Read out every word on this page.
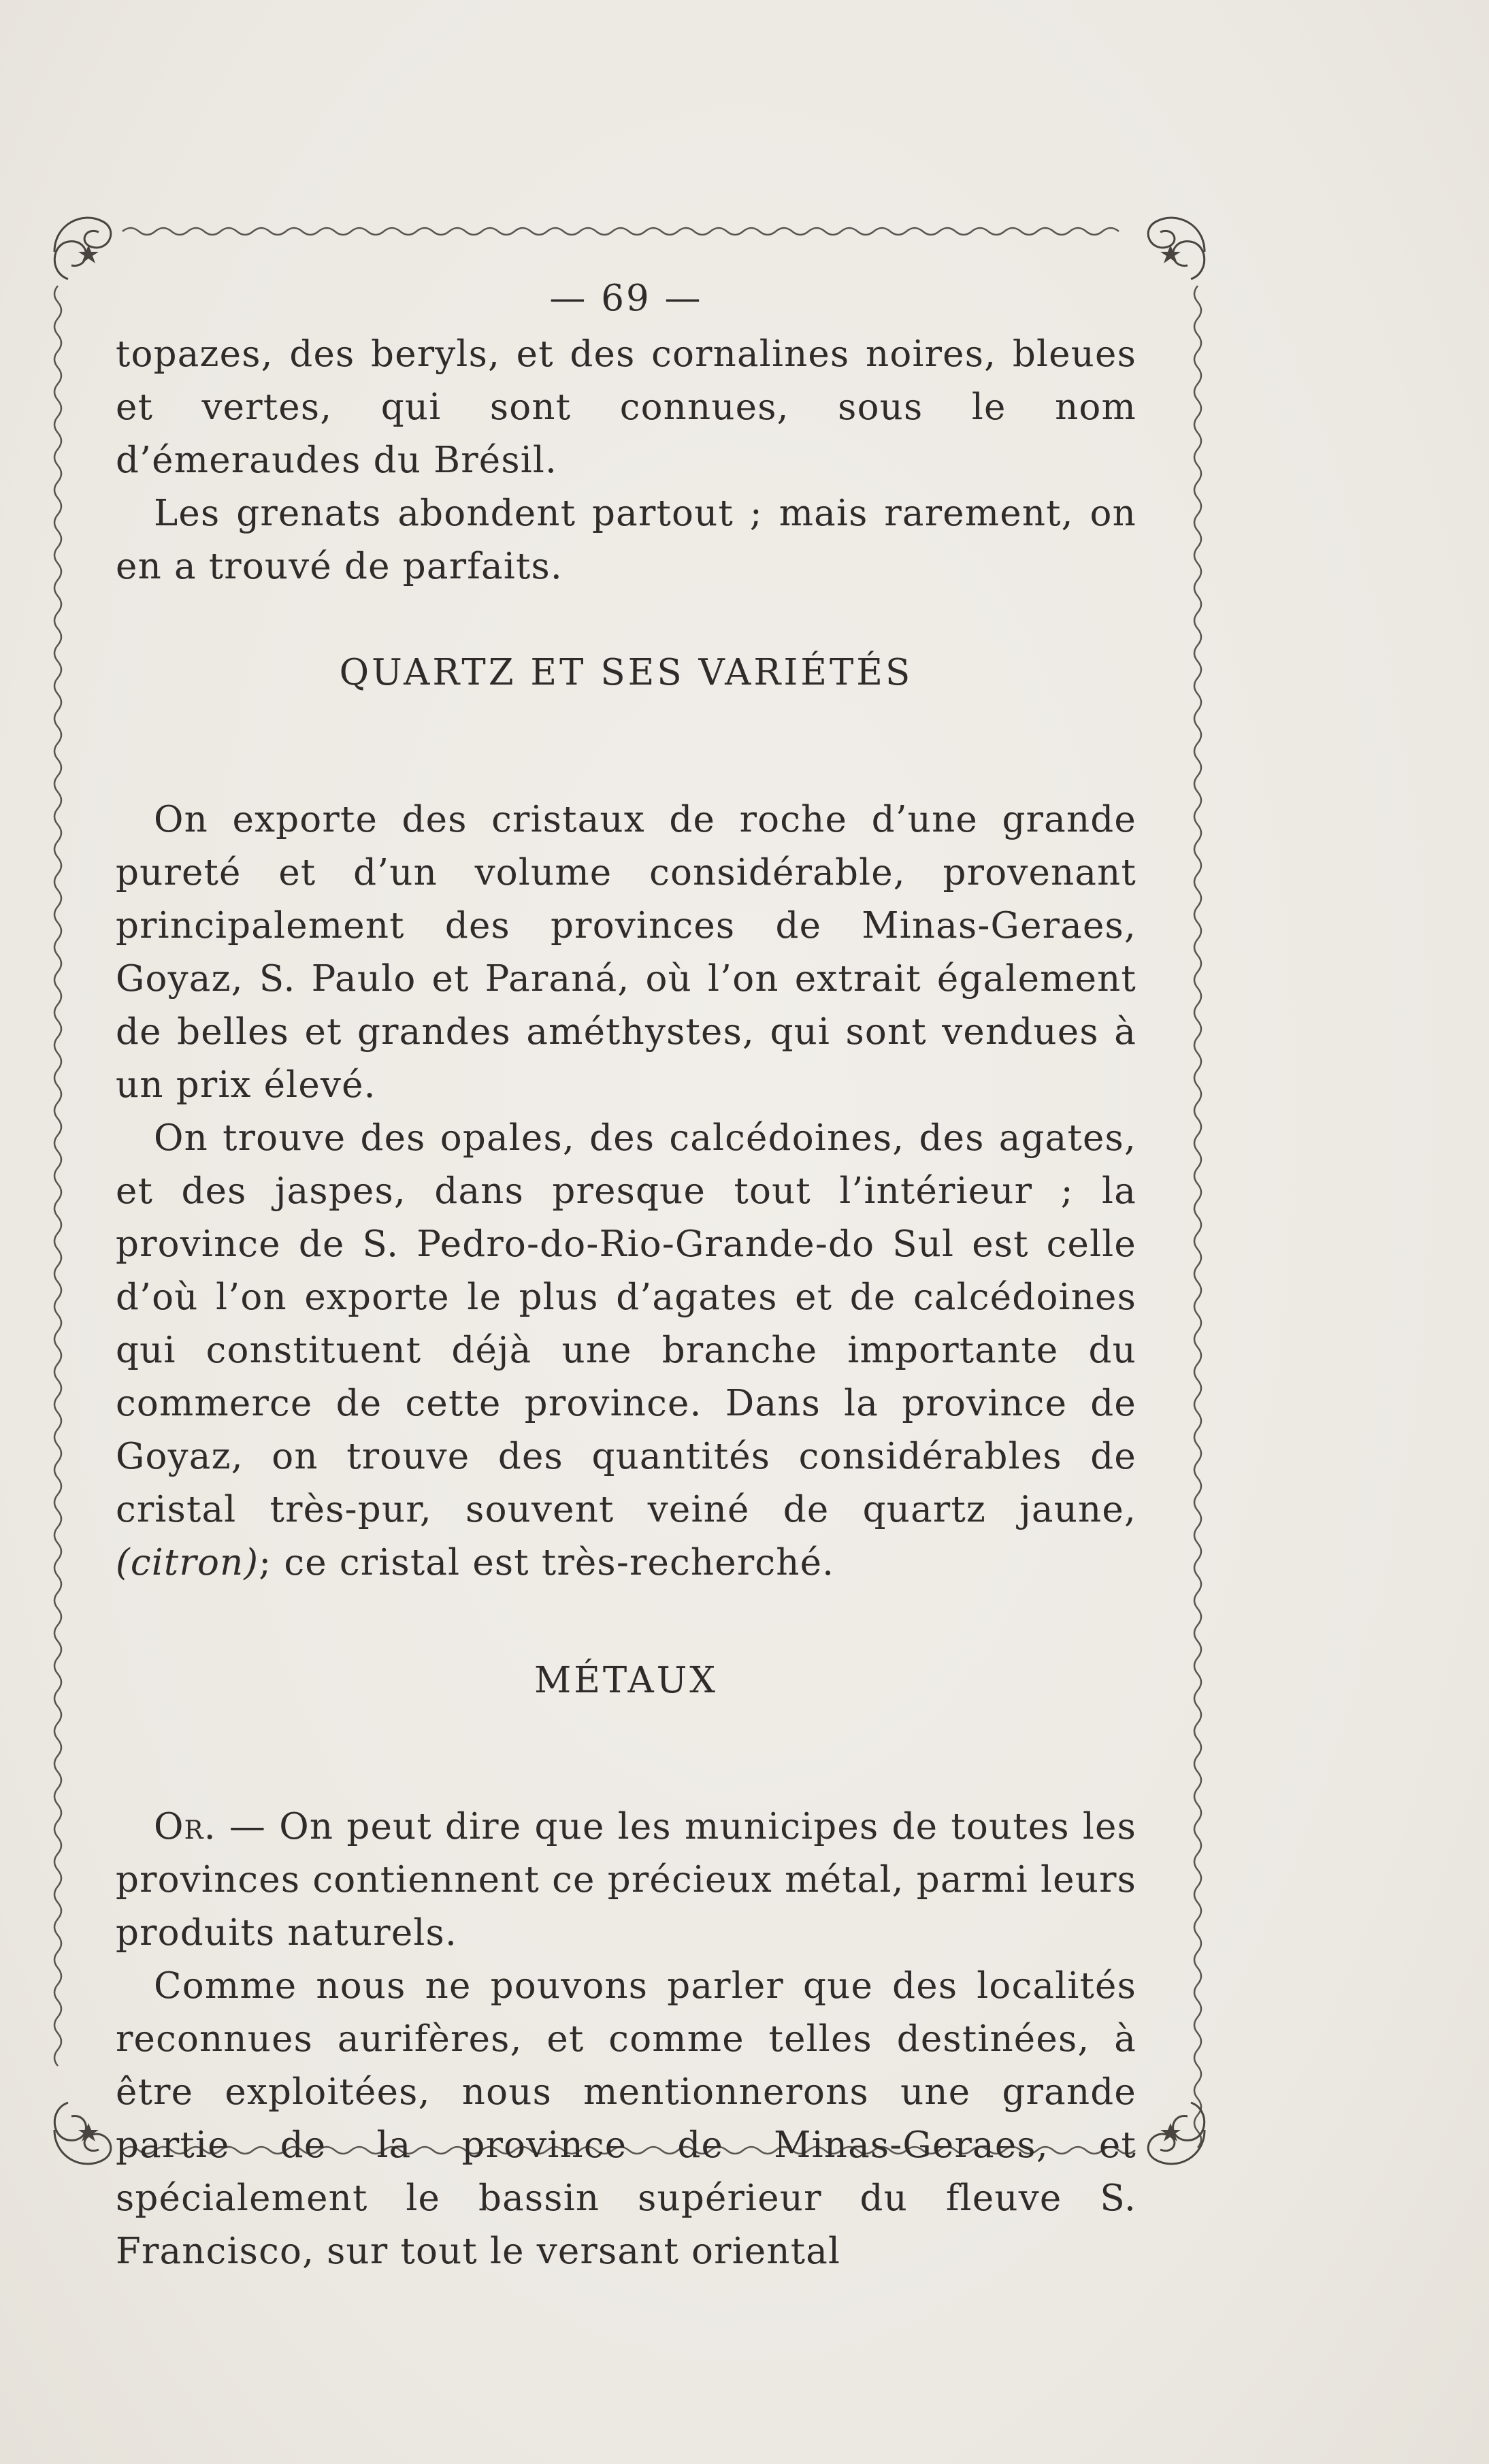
— 69 —

topazes, des beryls, et des cornalines noires, bleues et vertes, qui sont connues, sous le nom d’émeraudes du Brésil.

Les grenats abondent partout ; mais rarement, on en a trouvé de parfaits.

QUARTZ ET SES VARIÉTÉS

On exporte des cristaux de roche d’une grande pureté et d’un volume considérable, provenant principalement des provinces de Minas-Geraes, Goyaz, S. Paulo et Paraná, où l’on extrait également de belles et grandes améthystes, qui sont vendues à un prix élevé.

On trouve des opales, des calcédoines, des agates, et des jaspes, dans presque tout l’intérieur ; la province de S. Pedro-do-Rio-Grande-do Sul est celle d’où l’on exporte le plus d’agates et de calcédoines qui constituent déjà une branche importante du commerce de cette province. Dans la province de Goyaz, on trouve des quantités considérables de cristal très-pur, souvent veiné de quartz jaune, (citron); ce cristal est très-recherché.

MÉTAUX

Or. — On peut dire que les municipes de toutes les provinces contiennent ce précieux métal, parmi leurs produits naturels.

Comme nous ne pouvons parler que des localités reconnues aurifères, et comme telles destinées, à être exploitées, nous mentionnerons une grande partie de la province de Minas-Geraes, et spécialement le bassin supérieur du fleuve S. Francisco, sur tout le versant oriental
